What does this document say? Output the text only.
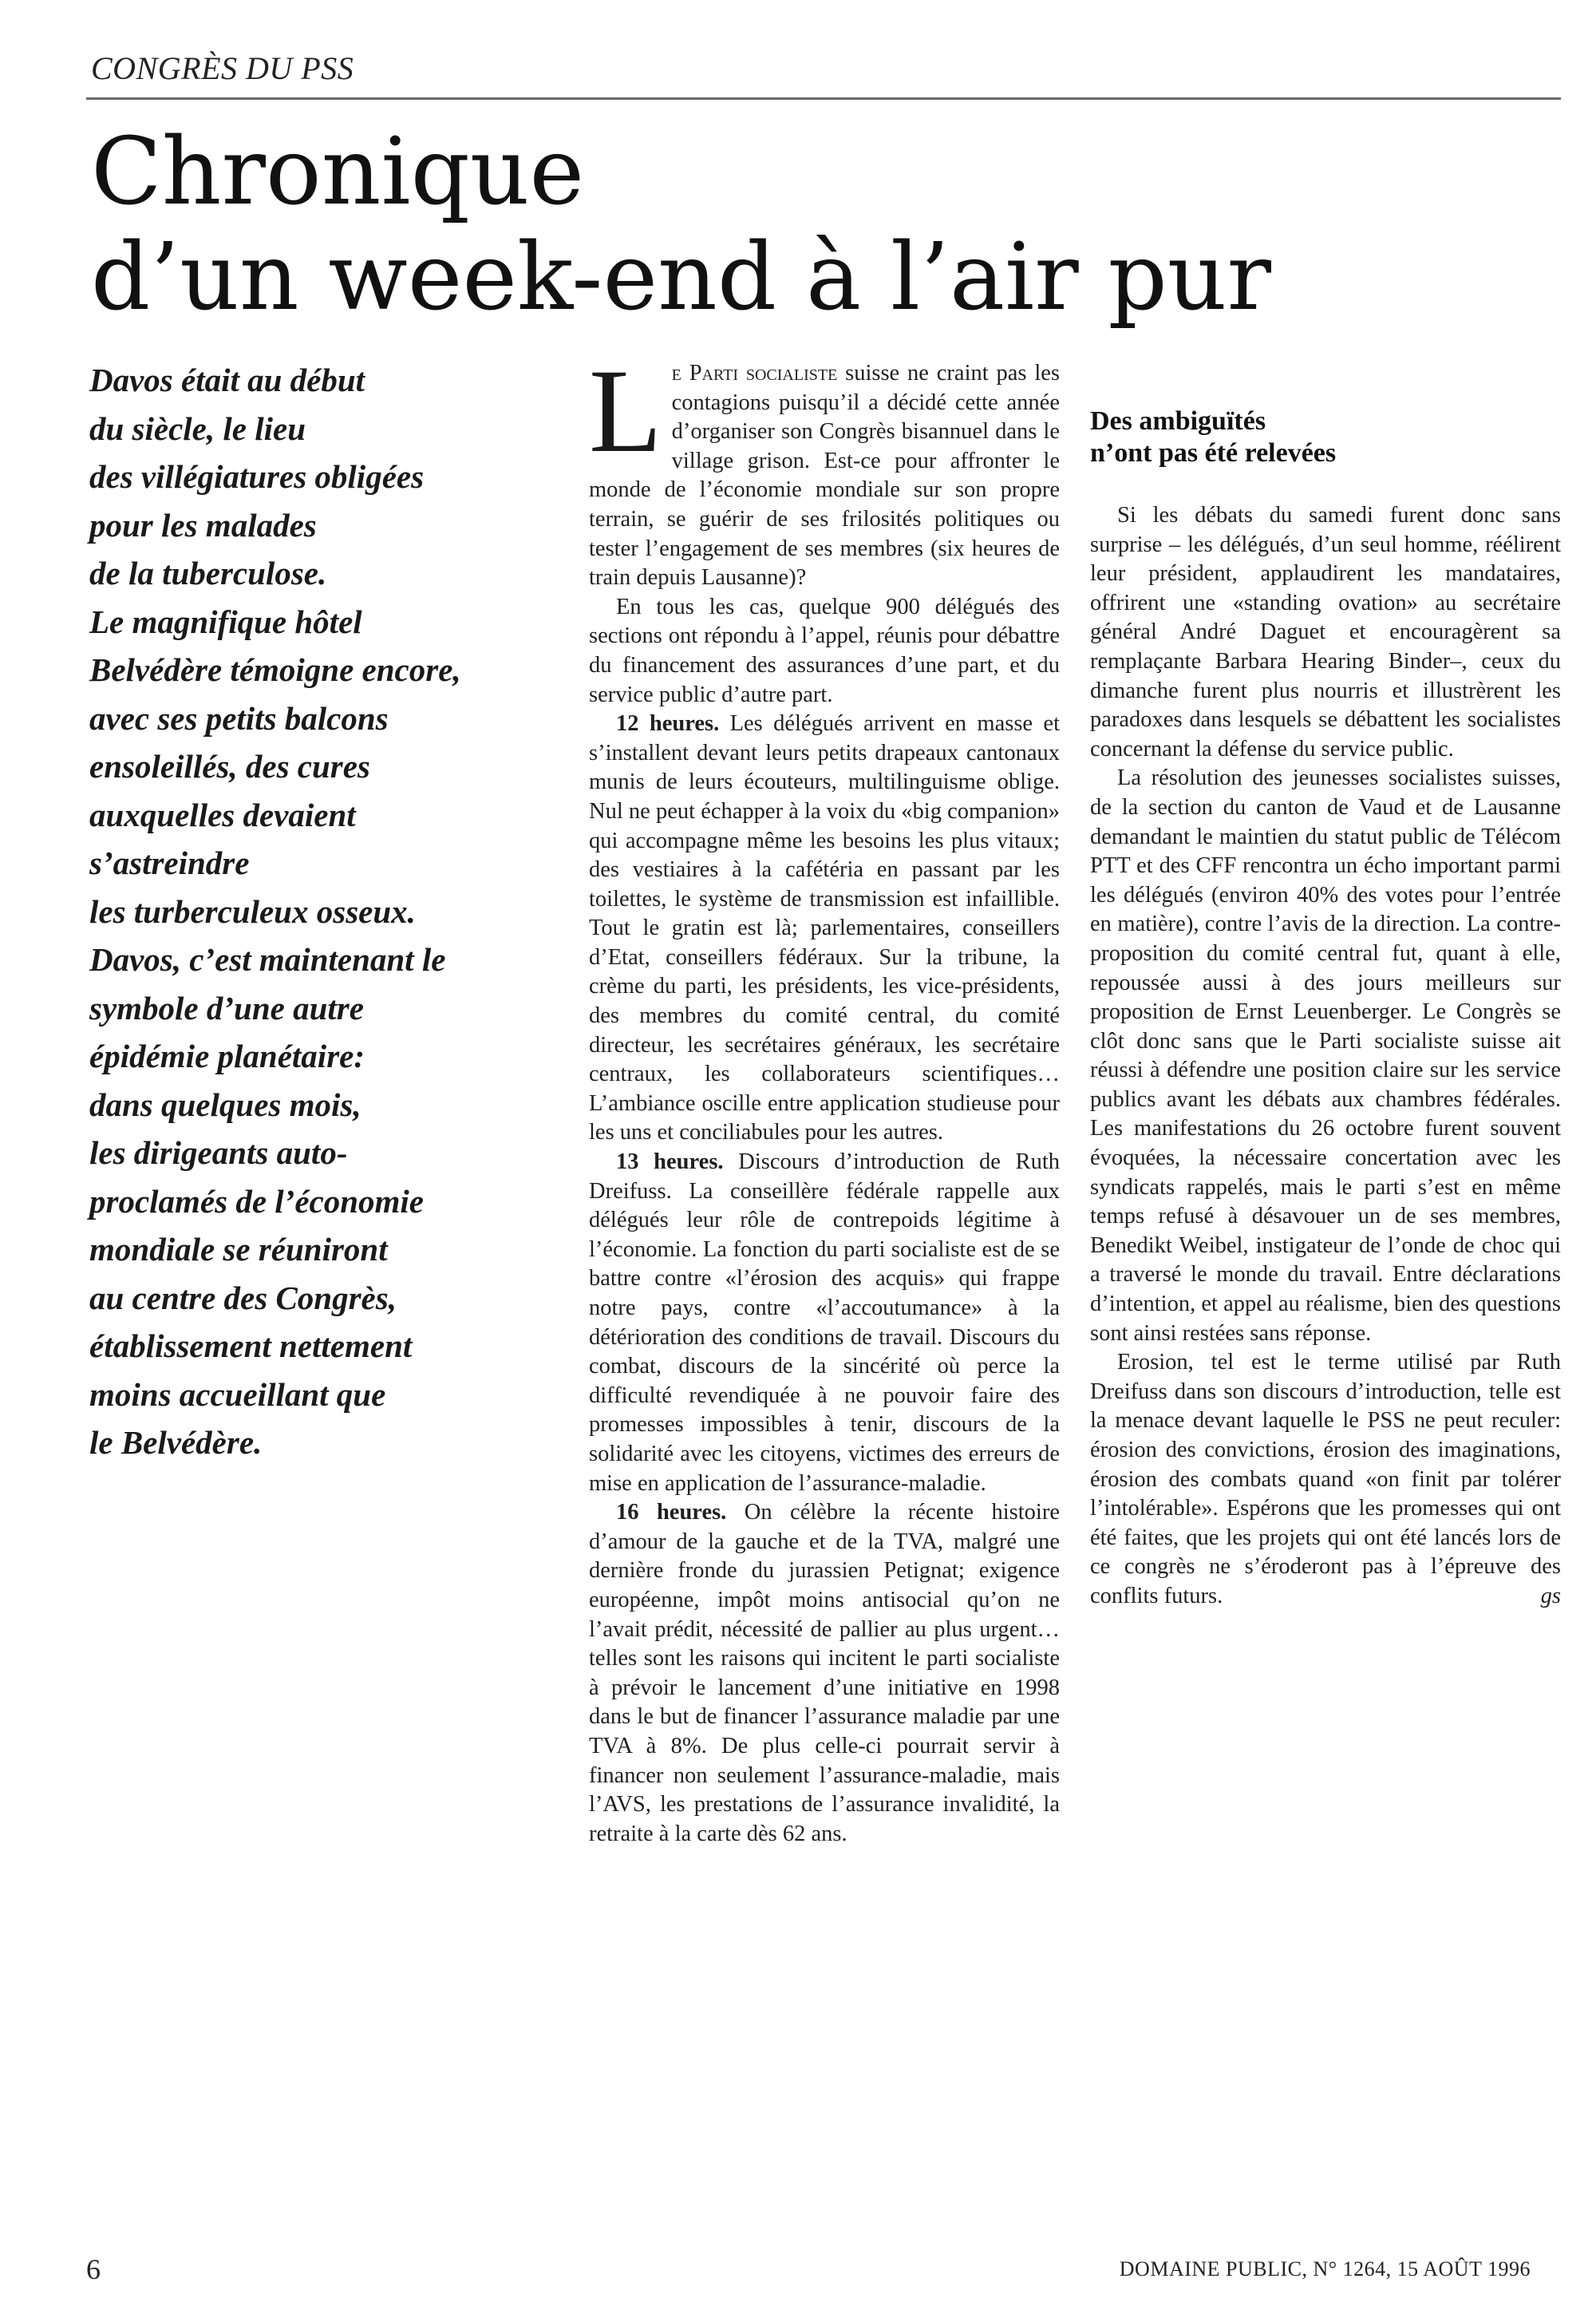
CONGRÈS DU PSS
Chronique
d’un week-end à l’air pur
Davos était au début
du siècle, le lieu
des villégiatures obligées
pour les malades
de la tuberculose.
Le magnifique hôtel
Belvédère témoigne encore,
avec ses petits balcons
ensoleillés, des cures
auxquelles devaient
s’astreindre
les turberculeux osseux.
Davos, c’est maintenant le
symbole d’une autre
épidémie planétaire:
dans quelques mois,
les dirigeants auto-
proclamés de l’économie
mondiale se réuniront
au centre des Congrès,
établissement nettement
moins accueillant que
le Belvédère.

Le Parti socialiste suisse ne craint pas les contagions puisqu’il a décidé cette année d’organiser son Congrès bisannuel dans le village grison. Est-ce pour affronter le monde de l’économie mondiale sur son propre terrain, se guérir de ses frilosités politiques ou tester l’engagement de ses membres (six heures de train depuis Lausanne)?

En tous les cas, quelque 900 délégués des sections ont répondu à l’appel, réunis pour débattre du financement des assurances d’une part, et du service public d’autre part.

12 heures. Les délégués arrivent en masse et s’installent devant leurs petits drapeaux cantonaux munis de leurs écouteurs, multilinguisme oblige. Nul ne peut échapper à la voix du «big companion» qui accompagne même les besoins les plus vitaux; des vestiaires à la cafétéria en passant par les toilettes, le système de transmission est infaillible. Tout le gratin est là; parlementaires, conseillers d’Etat, conseillers fédéraux. Sur la tribune, la crème du parti, les présidents, les vice-présidents, des membres du comité central, du comité directeur, les secrétaires généraux, les secrétaire centraux, les collaborateurs scientifiques… L’ambiance oscille entre application studieuse pour les uns et conciliabules pour les autres.

13 heures. Discours d’introduction de Ruth Dreifuss. La conseillère fédérale rappelle aux délégués leur rôle de contrepoids légitime à l’économie. La fonction du parti socialiste est de se battre contre «l’érosion des acquis» qui frappe notre pays, contre «l’accoutumance» à la détérioration des conditions de travail. Discours du combat, discours de la sincérité où perce la difficulté revendiquée à ne pouvoir faire des promesses impossibles à tenir, discours de la solidarité avec les citoyens, victimes des erreurs de mise en application de l’assurance-maladie.

16 heures. On célèbre la récente histoire d’amour de la gauche et de la TVA, malgré une dernière fronde du jurassien Petignat; exigence européenne, impôt moins antisocial qu’on ne l’avait prédit, nécessité de pallier au plus urgent… telles sont les raisons qui incitent le parti socialiste à prévoir le lancement d’une initiative en 1998 dans le but de financer l’assurance maladie par une TVA à 8%. De plus celle-ci pourrait servir à financer non seulement l’assurance-maladie, mais l’AVS, les prestations de l’assurance invalidité, la retraite à la carte dès 62 ans.

Des ambiguïtés
n’ont pas été relevées

Si les débats du samedi furent donc sans surprise – les délégués, d’un seul homme, réélirent leur président, applaudirent les mandataires, offrirent une «standing ovation» au secrétaire général André Daguet et encouragèrent sa remplaçante Barbara Hearing Binder–, ceux du dimanche furent plus nourris et illustrèrent les paradoxes dans lesquels se débattent les socialistes concernant la défense du service public.

La résolution des jeunesses socialistes suisses, de la section du canton de Vaud et de Lausanne demandant le maintien du statut public de Télécom PTT et des CFF rencontra un écho important parmi les délégués (environ 40% des votes pour l’entrée en matière), contre l’avis de la direction. La contre-proposition du comité central fut, quant à elle, repoussée aussi à des jours meilleurs sur proposition de Ernst Leuenberger. Le Congrès se clôt donc sans que le Parti socialiste suisse ait réussi à défendre une position claire sur les service publics avant les débats aux chambres fédérales. Les manifestations du 26 octobre furent souvent évoquées, la nécessaire concertation avec les syndicats rappelés, mais le parti s’est en même temps refusé à désavouer un de ses membres, Benedikt Weibel, instigateur de l’onde de choc qui a traversé le monde du travail. Entre déclarations d’intention, et appel au réalisme, bien des questions sont ainsi restées sans réponse.

Erosion, tel est le terme utilisé par Ruth Dreifuss dans son discours d’introduction, telle est la menace devant laquelle le PSS ne peut reculer: érosion des convictions, érosion des imaginations, érosion des combats quand «on finit par tolérer l’intolérable». Espérons que les promesses qui ont été faites, que les projets qui ont été lancés lors de ce congrès ne s’éroderont pas à l’épreuve des conflits futurs.	gs

6	DOMAINE PUBLIC, N° 1264, 15 AOÛT 1996
